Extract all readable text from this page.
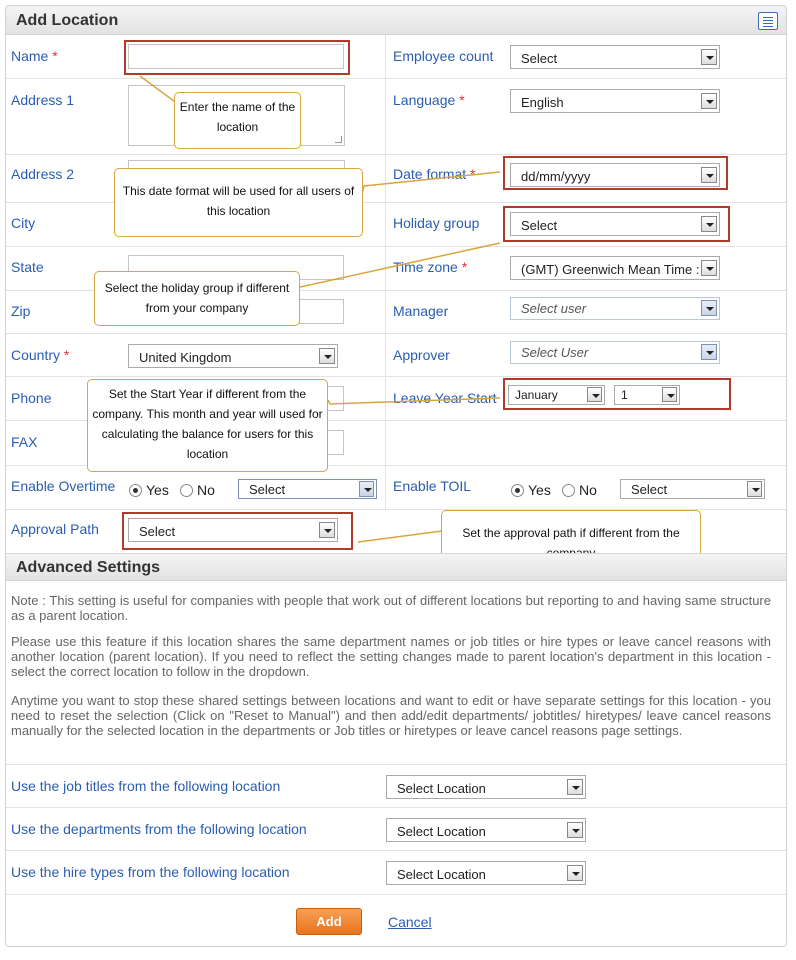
Add Location
Name *
Address 1
Address 2
City
State
Zip
Country *	United Kingdom
Phone
FAX
Enable Overtime Yes No	Select
Approval Path	Select
Employee count	Select
Language *	English
Date format *	dd/mm/yyyy
Holiday group	Select
Time zone *	(GMT) Greenwich Mean Time :
Manager	Select user
Approver	Select User
Leave Year Start	January	1
Enable TOIL	Yes No	Select
Enter the name of the location
This date format will be used for all users of this location
Select the holiday group if different from your company
Set the Start Year if different from the company. This month and year will used for calculating the balance for users for this location
Set the approval path if different from the
Advanced Settings

Note : This setting is useful for companies with people that work out of different locations but reporting to and having same structure as a parent location.

Please use this feature if this location shares the same department names or job titles or hire types or leave cancel reasons with another location (parent location). If you need to reflect the setting changes made to parent location's department in this location - select the correct location to follow in the dropdown.

Anytime you want to stop these shared settings between locations and want to edit or have separate settings for this location - you need to reset the selection (Click on "Reset to Manual") and then add/edit departments/ jobtitles/ hiretypes/ leave cancel reasons manually for the selected location in the departments or Job titles or hiretypes or leave cancel reasons page settings.

Use the job titles from the following location	Select Location
Use the departments from the following location	Select Location
Use the hire types from the following location	Select Location
Add	Cancel
